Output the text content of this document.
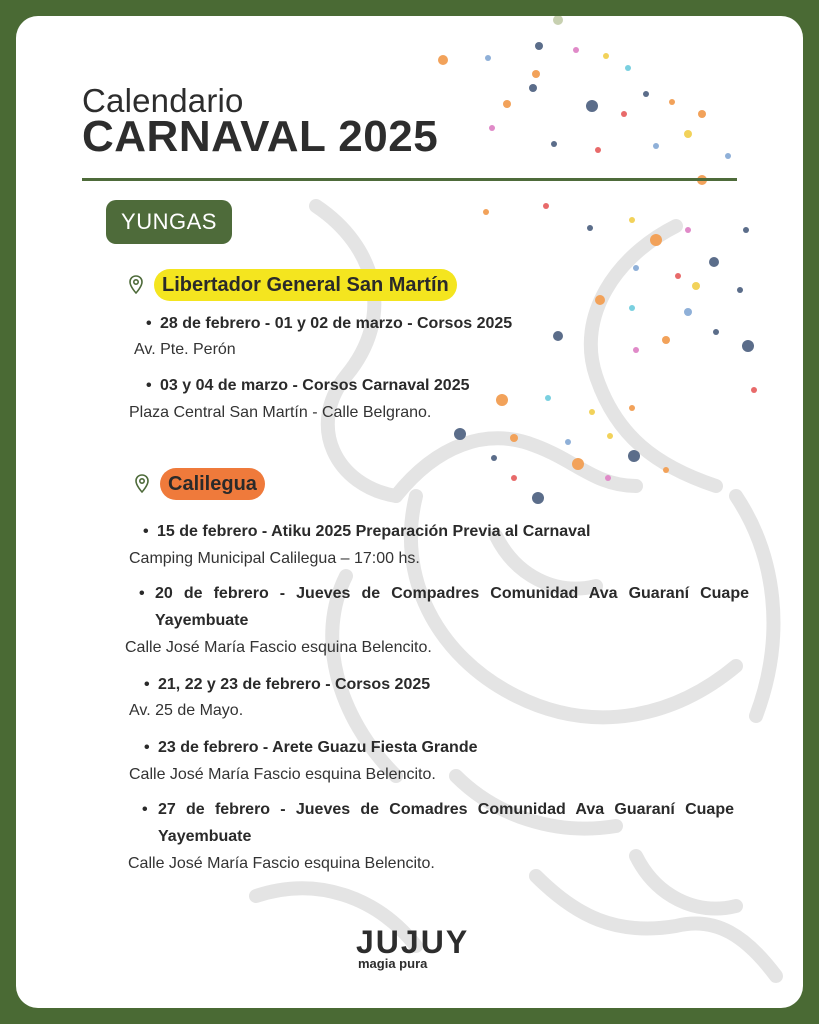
Calendario
CARNAVAL 2025
YUNGAS
Libertador General San Martín
• 28 de febrero - 01 y 02 de marzo - Corsos 2025
Av. Pte. Perón
• 03 y 04 de marzo - Corsos Carnaval 2025
Plaza Central San Martín - Calle Belgrano.
Calilegua
• 15 de febrero - Atiku 2025 Preparación Previa al Carnaval
Camping Municipal Calilegua – 17:00 hs.
• 20 de febrero - Jueves de Compadres Comunidad Ava Guaraní Cuape Yayembuate
Calle José María Fascio esquina Belencito.
• 21, 22 y 23 de febrero - Corsos 2025
Av. 25 de Mayo.
• 23 de febrero - Arete Guazu Fiesta Grande
Calle José María Fascio esquina Belencito.
• 27 de febrero - Jueves de Comadres Comunidad Ava Guaraní Cuape Yayembuate
Calle José María Fascio esquina Belencito.
JUJUY
magia pura
